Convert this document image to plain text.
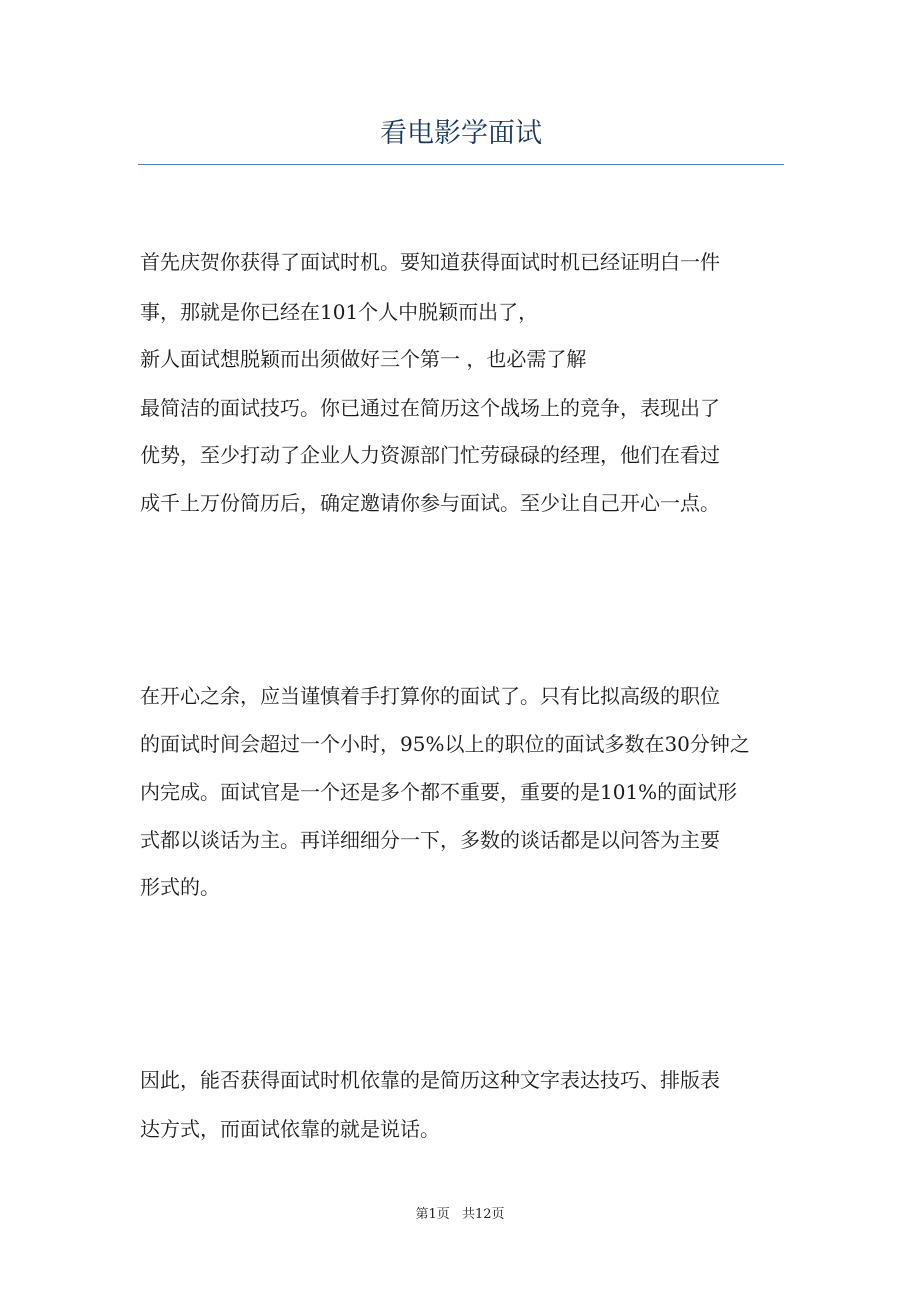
看电影学面试

首先庆贺你获得了面试时机。要知道获得面试时机已经证明白一件

事，那就是你已经在101个人中脱颖而出了，

新人面试想脱颖而出须做好三个第一 ，也必需了解

最简洁的面试技巧。你已通过在简历这个战场上的竞争，表现出了

优势，至少打动了企业人力资源部门忙劳碌碌的经理，他们在看过

成千上万份简历后，确定邀请你参与面试。至少让自己开心一点。

在开心之余，应当谨慎着手打算你的面试了。只有比拟高级的职位

的面试时间会超过一个小时，95%以上的职位的面试多数在30分钟之

内完成。面试官是一个还是多个都不重要，重要的是101%的面试形

式都以谈话为主。再详细细分一下，多数的谈话都是以问答为主要

形式的。

因此，能否获得面试时机依靠的是简历这种文字表达技巧、排版表

达方式，而面试依靠的就是说话。

第1页 共12页
